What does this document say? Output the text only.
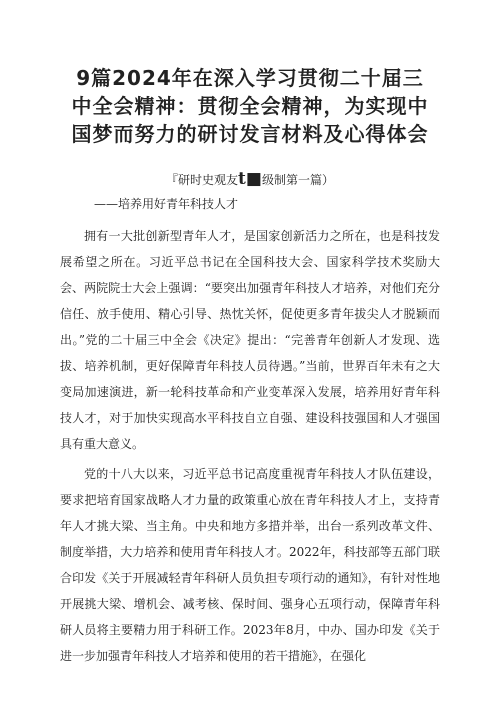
9篇2024年在深入学习贯彻二十届三中全会精神：贯彻全会精神，为实现中国梦而努力的研讨发言材料及心得体会
『研时史观友t■级制第一篇）
——培养用好青年科技人才

拥有一大批创新型青年人才，是国家创新活力之所在，也是科技发展希望之所在。习近平总书记在全国科技大会、国家科学技术奖励大会、两院院士大会上强调：“要突出加强青年科技人才培养，对他们充分信任、放手使用、精心引导、热忱关怀，促使更多青年拔尖人才脱颖而出。”党的二十届三中全会《决定》提出：“完善青年创新人才发现、选拔、培养机制，更好保障青年科技人员待遇。”当前，世界百年未有之大变局加速演进，新一轮科技革命和产业变革深入发展，培养用好青年科技人才，对于加快实现高水平科技自立自强、建设科技强国和人才强国具有重大意义。

党的十八大以来，习近平总书记高度重视青年科技人才队伍建设，要求把培育国家战略人才力量的政策重心放在青年科技人才上，支持青年人才挑大梁、当主角。中央和地方多措并举，出台一系列改革文件、制度举措，大力培养和使用青年科技人才。2022年，科技部等五部门联合印发《关于开展减轻青年科研人员负担专项行动的通知》，有针对性地开展挑大梁、增机会、减考核、保时间、强身心五项行动，保障青年科研人员将主要精力用于科研工作。2023年8月，中办、国办印发《关于进一步加强青年科技人才培养和使用的若干措施》，在强化
